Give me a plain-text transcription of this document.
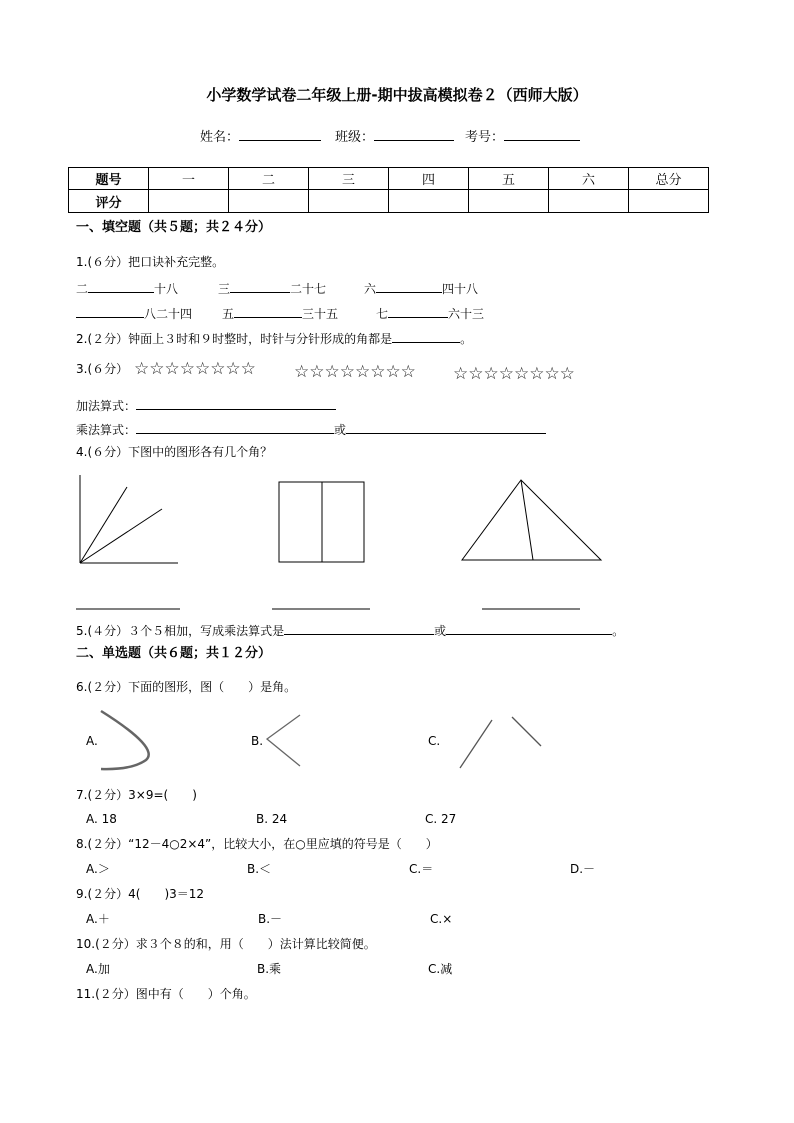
小学数学试卷二年级上册-期中拔高模拟卷２（西师大版）
姓名：	班级：	考号：
题号	一	二	三	四	五	六	总分
评分							
一、填空题（共５题；共２４分）
1.(６分）把口诀补充完整。
二	十八	三	二十七	六	四十八
八二十四 五	三十五	七	六十三
2.(２分）钟面上３时和９时整时，时针与分针形成的角都是	。
3.(６分） ☆☆☆☆☆☆☆☆ ☆☆☆☆☆☆☆☆ ☆☆☆☆☆☆☆☆
加法算式：
乘法算式：	或
4.(６分）下图中的图形各有几个角？
5.(４分）３个５相加，写成乘法算式是	或	。
二、单选题（共６题；共１２分）
6.(２分）下面的图形，图（　　）是角。
A.	B.	C.
7.(２分）3×9=(　　)
A. 18	B. 24	C. 27
8.(２分）“12－4○2×4”，比较大小，在○里应填的符号是（　　）
A.＞	B.＜	C.＝	D.－
9.(２分）4(　　)3＝12
A.＋	B.－	C.×
10.(２分）求３个８的和，用（　　）法计算比较简便。
A.加	B.乘	C.减
11.(２分）图中有（　　）个角。
